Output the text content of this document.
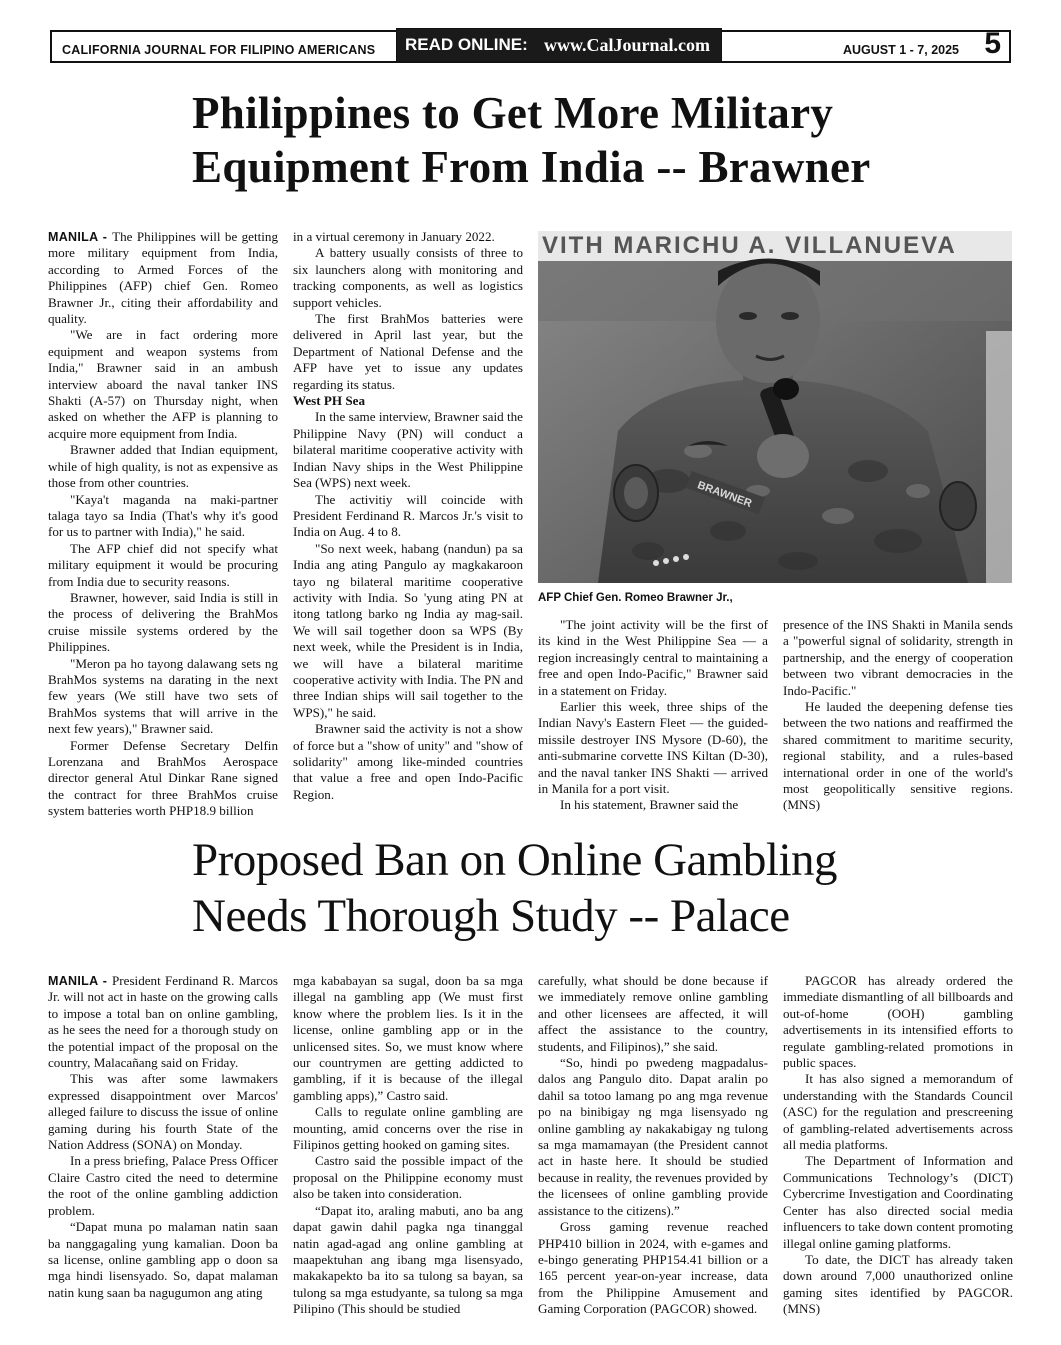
CALIFORNIA JOURNAL FOR FILIPINO AMERICANS READ ONLINE: www.CalJournal.com	AUGUST 1 - 7, 2025 5
Philippines to Get More Military
Equipment From India -- Brawner

MANILA - The Philippines will be getting more military equipment from India, according to Armed Forces of the Philippines (AFP) chief Gen. Romeo Brawner Jr., citing their affordability and quality.

"We are in fact ordering more equipment and weapon systems from India," Brawner said in an ambush interview aboard the naval tanker INS Shakti (A-57) on Thursday night, when asked on whether the AFP is planning to acquire more equipment from India.

Brawner added that Indian equipment, while of high quality, is not as expensive as those from other countries.

"Kaya't maganda na maki-partner talaga tayo sa India (That's why it's good for us to partner with India)," he said.

The AFP chief did not specify what military equipment it would be procuring from India due to security reasons.

Brawner, however, said India is still in the process of delivering the BrahMos cruise missile systems ordered by the Philippines.

"Meron pa ho tayong dalawang sets ng BrahMos systems na darating in the next few years (We still have two sets of BrahMos systems that will arrive in the next few years)," Brawner said.

Former Defense Secretary Delfin Lorenzana and BrahMos Aerospace director general Atul Dinkar Rane signed the contract for three BrahMos cruise system batteries worth PHP18.9 billion

in a virtual ceremony in January 2022.

A battery usually consists of three to six launchers along with monitoring and tracking components, as well as logistics support vehicles.

The first BrahMos batteries were delivered in April last year, but the Department of National Defense and the AFP have yet to issue any updates regarding its status.

West PH Sea

In the same interview, Brawner said the Philippine Navy (PN) will conduct a bilateral maritime cooperative activity with Indian Navy ships in the West Philippine Sea (WPS) next week.

The activitiy will coincide with President Ferdinand R. Marcos Jr.'s visit to India on Aug. 4 to 8.

"So next week, habang (nandun) pa sa India ang ating Pangulo ay magkakaroon tayo ng bilateral maritime cooperative activity with India. So 'yung ating PN at itong tatlong barko ng India ay mag-sail. We will sail together doon sa WPS (By next week, while the President is in India, we will have a bilateral maritime cooperative activity with India. The PN and three Indian ships will sail together to the WPS)," he said.

Brawner said the activity is not a show of force but a "show of unity" and "show of solidarity" among like-minded countries that value a free and open Indo-Pacific Region.

VITH MARICHU A. VILLANUEVA
BRAWNER
AFP Chief Gen. Romeo Brawner Jr.,

"The joint activity will be the first of its kind in the West Philippine Sea — a region increasingly central to maintaining a free and open Indo-Pacific," Brawner said in a statement on Friday.

Earlier this week, three ships of the Indian Navy's Eastern Fleet — the guided-missile destroyer INS Mysore (D-60), the anti-submarine corvette INS Kiltan (D-30), and the naval tanker INS Shakti — arrived in Manila for a port visit.

In his statement, Brawner said the

presence of the INS Shakti in Manila sends a "powerful signal of solidarity, strength in partnership, and the energy of cooperation between two vibrant democracies in the Indo-Pacific."

He lauded the deepening defense ties between the two nations and reaffirmed the shared commitment to maritime security, regional stability, and a rules-based international order in one of the world's most geopolitically sensitive regions. (MNS)

Proposed Ban on Online Gambling
Needs Thorough Study -- Palace

MANILA - President Ferdinand R. Marcos Jr. will not act in haste on the growing calls to impose a total ban on online gambling, as he sees the need for a thorough study on the potential impact of the proposal on the country, Malacañang said on Friday.

This was after some lawmakers expressed disappointment over Marcos' alleged failure to discuss the issue of online gaming during his fourth State of the Nation Address (SONA) on Monday.

In a press briefing, Palace Press Officer Claire Castro cited the need to determine the root of the online gambling addiction problem.

“Dapat muna po malaman natin saan ba nanggagaling yung kamalian. Doon ba sa license, online gambling app o doon sa mga hindi lisensyado. So, dapat malaman natin kung saan ba nagugumon ang ating

mga kababayan sa sugal, doon ba sa mga illegal na gambling app (We must first know where the problem lies. Is it in the license, online gambling app or in the unlicensed sites. So, we must know where our countrymen are getting addicted to gambling, if it is because of the illegal gambling apps),” Castro said.

Calls to regulate online gambling are mounting, amid concerns over the rise in Filipinos getting hooked on gaming sites.

Castro said the possible impact of the proposal on the Philippine economy must also be taken into consideration.

“Dapat ito, araling mabuti, ano ba ang dapat gawin dahil pagka nga tinanggal natin agad-agad ang online gambling at maapektuhan ang ibang mga lisensyado, makakapekto ba ito sa tulong sa bayan, sa tulong sa mga estudyante, sa tulong sa mga Pilipino (This should be studied

carefully, what should be done because if we immediately remove online gambling and other licensees are affected, it will affect the assistance to the country, students, and Filipinos),” she said.

“So, hindi po pwedeng magpadalus-dalos ang Pangulo dito. Dapat aralin po dahil sa totoo lamang po ang mga revenue po na binibigay ng mga lisensyado ng online gambling ay nakakabigay ng tulong sa mga mamamayan (the President cannot act in haste here. It should be studied because in reality, the revenues provided by the licensees of online gambling provide assistance to the citizens).”

Gross gaming revenue reached PHP410 billion in 2024, with e-games and e-bingo generating PHP154.41 billion or a 165 percent year-on-year increase, data from the Philippine Amusement and Gaming Corporation (PAGCOR) showed.

PAGCOR has already ordered the immediate dismantling of all billboards and out-of-home (OOH) gambling advertisements in its intensified efforts to regulate gambling-related promotions in public spaces.

It has also signed a memorandum of understanding with the Standards Council (ASC) for the regulation and prescreening of gambling-related advertisements across all media platforms.

The Department of Information and Communications Technology’s (DICT) Cybercrime Investigation and Coordinating Center has also directed social media influencers to take down content promoting illegal online gaming platforms.

To date, the DICT has already taken down around 7,000 unauthorized online gaming sites identified by PAGCOR. (MNS)
